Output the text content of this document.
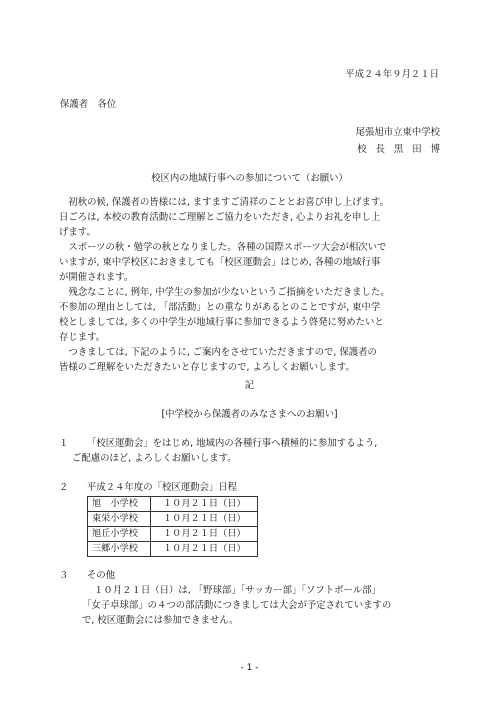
平成２４年９月２１日
保護者　各位
尾張旭市立東中学校
校 長 黒 田 博
校区内の地域行事への参加について（お願い）
　初秋の候, 保護者の皆様には, ますますご清祥のこととお喜び申し上げます。
日ごろは, 本校の教育活動にご理解とご協力をいただき, 心よりお礼を申し上
げます。
　スポーツの秋・勉学の秋となりました。各種の国際スポーツ大会が相次いで
いますが, 東中学校区におきましても「校区運動会」はじめ, 各種の地域行事
が開催されます。
　残念なことに, 例年, 中学生の参加が少ないというご指摘をいただきました。
不参加の理由としては, 「部活動」との重なりがあるとのことですが, 東中学
校としましては, 多くの中学生が地域行事に参加できるよう啓発に努めたいと
存じます。
　つきましては, 下記のように, ご案内をさせていただきますので, 保護者の
皆様のご理解をいただきたいと存じますので, よろしくお願いします。
記
[中学校から保護者のみなさまへのお願い]
１ 「校区運動会」をはじめ, 地域内の各種行事へ積極的に参加するよう,
ご配慮のほど, よろしくお願いします。
２ 平成２４年度の「校区運動会」日程
旭　小学校	１０月２１日（日）
東栄小学校	１０月２１日（日）
旭丘小学校	１０月２１日（日）
三郷小学校	１０月２１日（日）
３ その他
１０月２１日（日）は, 「野球部」「サッカー部」「ソフトボール部」
「女子卓球部」の４つの部活動につきましては大会が予定されていますの
で, 校区運動会には参加できません。
- 1 -
